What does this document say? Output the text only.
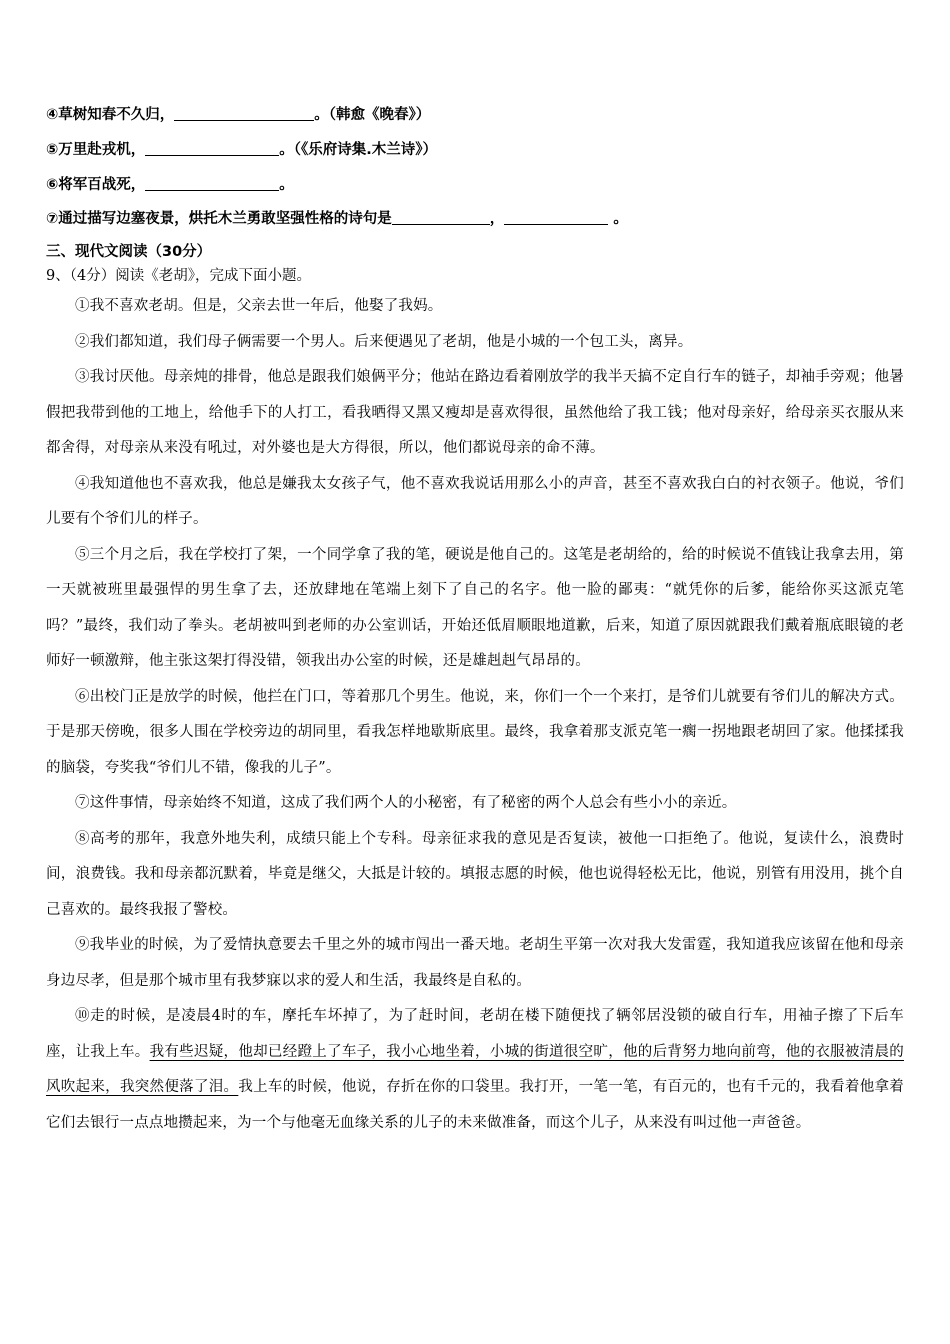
④草树知春不久归，	。（韩愈《晚春》）
⑤万里赴戎机，	。（《乐府诗集.木兰诗》）
⑥将军百战死，	。
⑦通过描写边塞夜景，烘托木兰勇敢坚强性格的诗句是	，	。
三、现代文阅读（30分）
9、（4分）阅读《老胡》，完成下面小题。
①我不喜欢老胡。但是，父亲去世一年后，他娶了我妈。
②我们都知道，我们母子俩需要一个男人。后来便遇见了老胡，他是小城的一个包工头，离异。
③我讨厌他。母亲炖的排骨，他总是跟我们娘俩平分；他站在路边看着刚放学的我半天搞不定自行车的链子，却袖手旁观；他暑假把我带到他的工地上，给他手下的人打工，看我晒得又黑又瘦却是喜欢得很，虽然他给了我工钱；他对母亲好，给母亲买衣服从来都舍得，对母亲从来没有吼过，对外婆也是大方得很，所以，他们都说母亲的命不薄。
④我知道他也不喜欢我，他总是嫌我太女孩子气，他不喜欢我说话用那么小的声音，甚至不喜欢我白白的衬衣领子。他说，爷们儿要有个爷们儿的样子。
⑤三个月之后，我在学校打了架，一个同学拿了我的笔，硬说是他自己的。这笔是老胡给的，给的时候说不值钱让我拿去用，第一天就被班里最强悍的男生拿了去，还放肆地在笔端上刻下了自己的名字。他一脸的鄙夷：“就凭你的后爹，能给你买这派克笔吗？”最终，我们动了拳头。老胡被叫到老师的办公室训话，开始还低眉顺眼地道歉，后来，知道了原因就跟我们戴着瓶底眼镜的老师好一顿激辩，他主张这架打得没错，领我出办公室的时候，还是雄赳赳气昂昂的。
⑥出校门正是放学的时候，他拦在门口，等着那几个男生。他说，来，你们一个一个来打，是爷们儿就要有爷们儿的解决方式。于是那天傍晚，很多人围在学校旁边的胡同里，看我怎样地歇斯底里。最终，我拿着那支派克笔一瘸一拐地跟老胡回了家。他揉揉我的脑袋，夸奖我“爷们儿不错，像我的儿子”。
⑦这件事情，母亲始终不知道，这成了我们两个人的小秘密，有了秘密的两个人总会有些小小的亲近。
⑧高考的那年，我意外地失利，成绩只能上个专科。母亲征求我的意见是否复读，被他一口拒绝了。他说，复读什么，浪费时间，浪费钱。我和母亲都沉默着，毕竟是继父，大抵是计较的。填报志愿的时候，他也说得轻松无比，他说，别管有用没用，挑个自己喜欢的。最终我报了警校。
⑨我毕业的时候，为了爱情执意要去千里之外的城市闯出一番天地。老胡生平第一次对我大发雷霆，我知道我应该留在他和母亲身边尽孝，但是那个城市里有我梦寐以求的爱人和生活，我最终是自私的。
⑩走的时候，是凌晨4时的车，摩托车坏掉了，为了赶时间，老胡在楼下随便找了辆邻居没锁的破自行车，用袖子擦了下后车座，让我上车。我有些迟疑，他却已经蹬上了车子，我小心地坐着，小城的街道很空旷，他的后背努力地向前弯，他的衣服被清晨的风吹起来，我突然便落了泪。我上车的时候，他说，存折在你的口袋里。我打开，一笔一笔，有百元的，也有千元的，我看着他拿着它们去银行一点点地攒起来，为一个与他毫无血缘关系的儿子的未来做准备，而这个儿子，从来没有叫过他一声爸爸。
